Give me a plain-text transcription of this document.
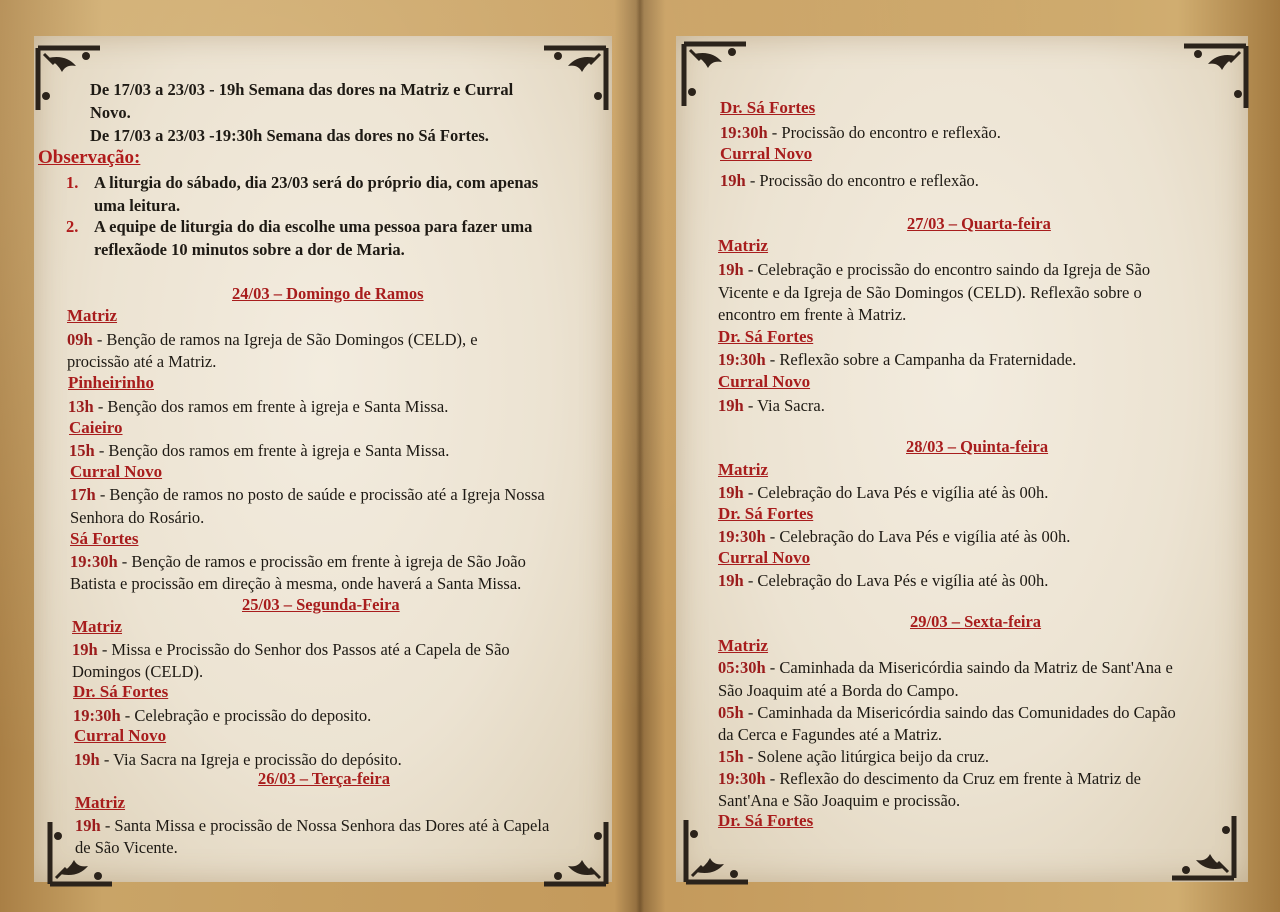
De 17/03 a 23/03 - 19h Semana das dores na Matriz e Curral
Novo.
De 17/03 a 23/03 -19:30h Semana das dores no Sá Fortes.
Observação:
1. A liturgia do sábado, dia 23/03 será do próprio dia, com apenas
uma leitura.
2. A equipe de liturgia do dia escolhe uma pessoa para fazer uma
reflexãode 10 minutos sobre a dor de Maria.
24/03 – Domingo de Ramos
Matriz
09h - Benção de ramos na Igreja de São Domingos (CELD), e
procissão até a Matriz.
Pinheirinho
13h - Benção dos ramos em frente à igreja e Santa Missa.
Caieiro
15h - Benção dos ramos em frente à igreja e Santa Missa.
Curral Novo
17h - Benção de ramos no posto de saúde e procissão até a Igreja Nossa
Senhora do Rosário.
Sá Fortes
19:30h - Benção de ramos e procissão em frente à igreja de São João
Batista e procissão em direção à mesma, onde haverá a Santa Missa.
25/03 – Segunda-Feira
Matriz
19h - Missa e Procissão do Senhor dos Passos até a Capela de São
Domingos (CELD).
Dr. Sá Fortes
19:30h - Celebração e procissão do deposito.
Curral Novo
19h - Via Sacra na Igreja e procissão do depósito.
26/03 – Terça-feira
Matriz
19h - Santa Missa e procissão de Nossa Senhora das Dores até à Capela
de São Vicente.
Dr. Sá Fortes
19:30h - Procissão do encontro e reflexão.
Curral Novo
19h - Procissão do encontro e reflexão.
27/03 – Quarta-feira
Matriz
19h - Celebração e procissão do encontro saindo da Igreja de São
Vicente e da Igreja de São Domingos (CELD). Reflexão sobre o
encontro em frente à Matriz.
Dr. Sá Fortes
19:30h - Reflexão sobre a Campanha da Fraternidade.
Curral Novo
19h - Via Sacra.
28/03 – Quinta-feira
Matriz
19h - Celebração do Lava Pés e vigília até às 00h.
Dr. Sá Fortes
19:30h - Celebração do Lava Pés e vigília até às 00h.
Curral Novo
19h - Celebração do Lava Pés e vigília até às 00h.
29/03 – Sexta-feira
Matriz
05:30h - Caminhada da Misericórdia saindo da Matriz de Sant'Ana e
São Joaquim até a Borda do Campo.
05h - Caminhada da Misericórdia saindo das Comunidades do Capão
da Cerca e Fagundes até a Matriz.
15h - Solene ação litúrgica beijo da cruz.
19:30h - Reflexão do descimento da Cruz em frente à Matriz de
Sant'Ana e São Joaquim e procissão.
Dr. Sá Fortes
